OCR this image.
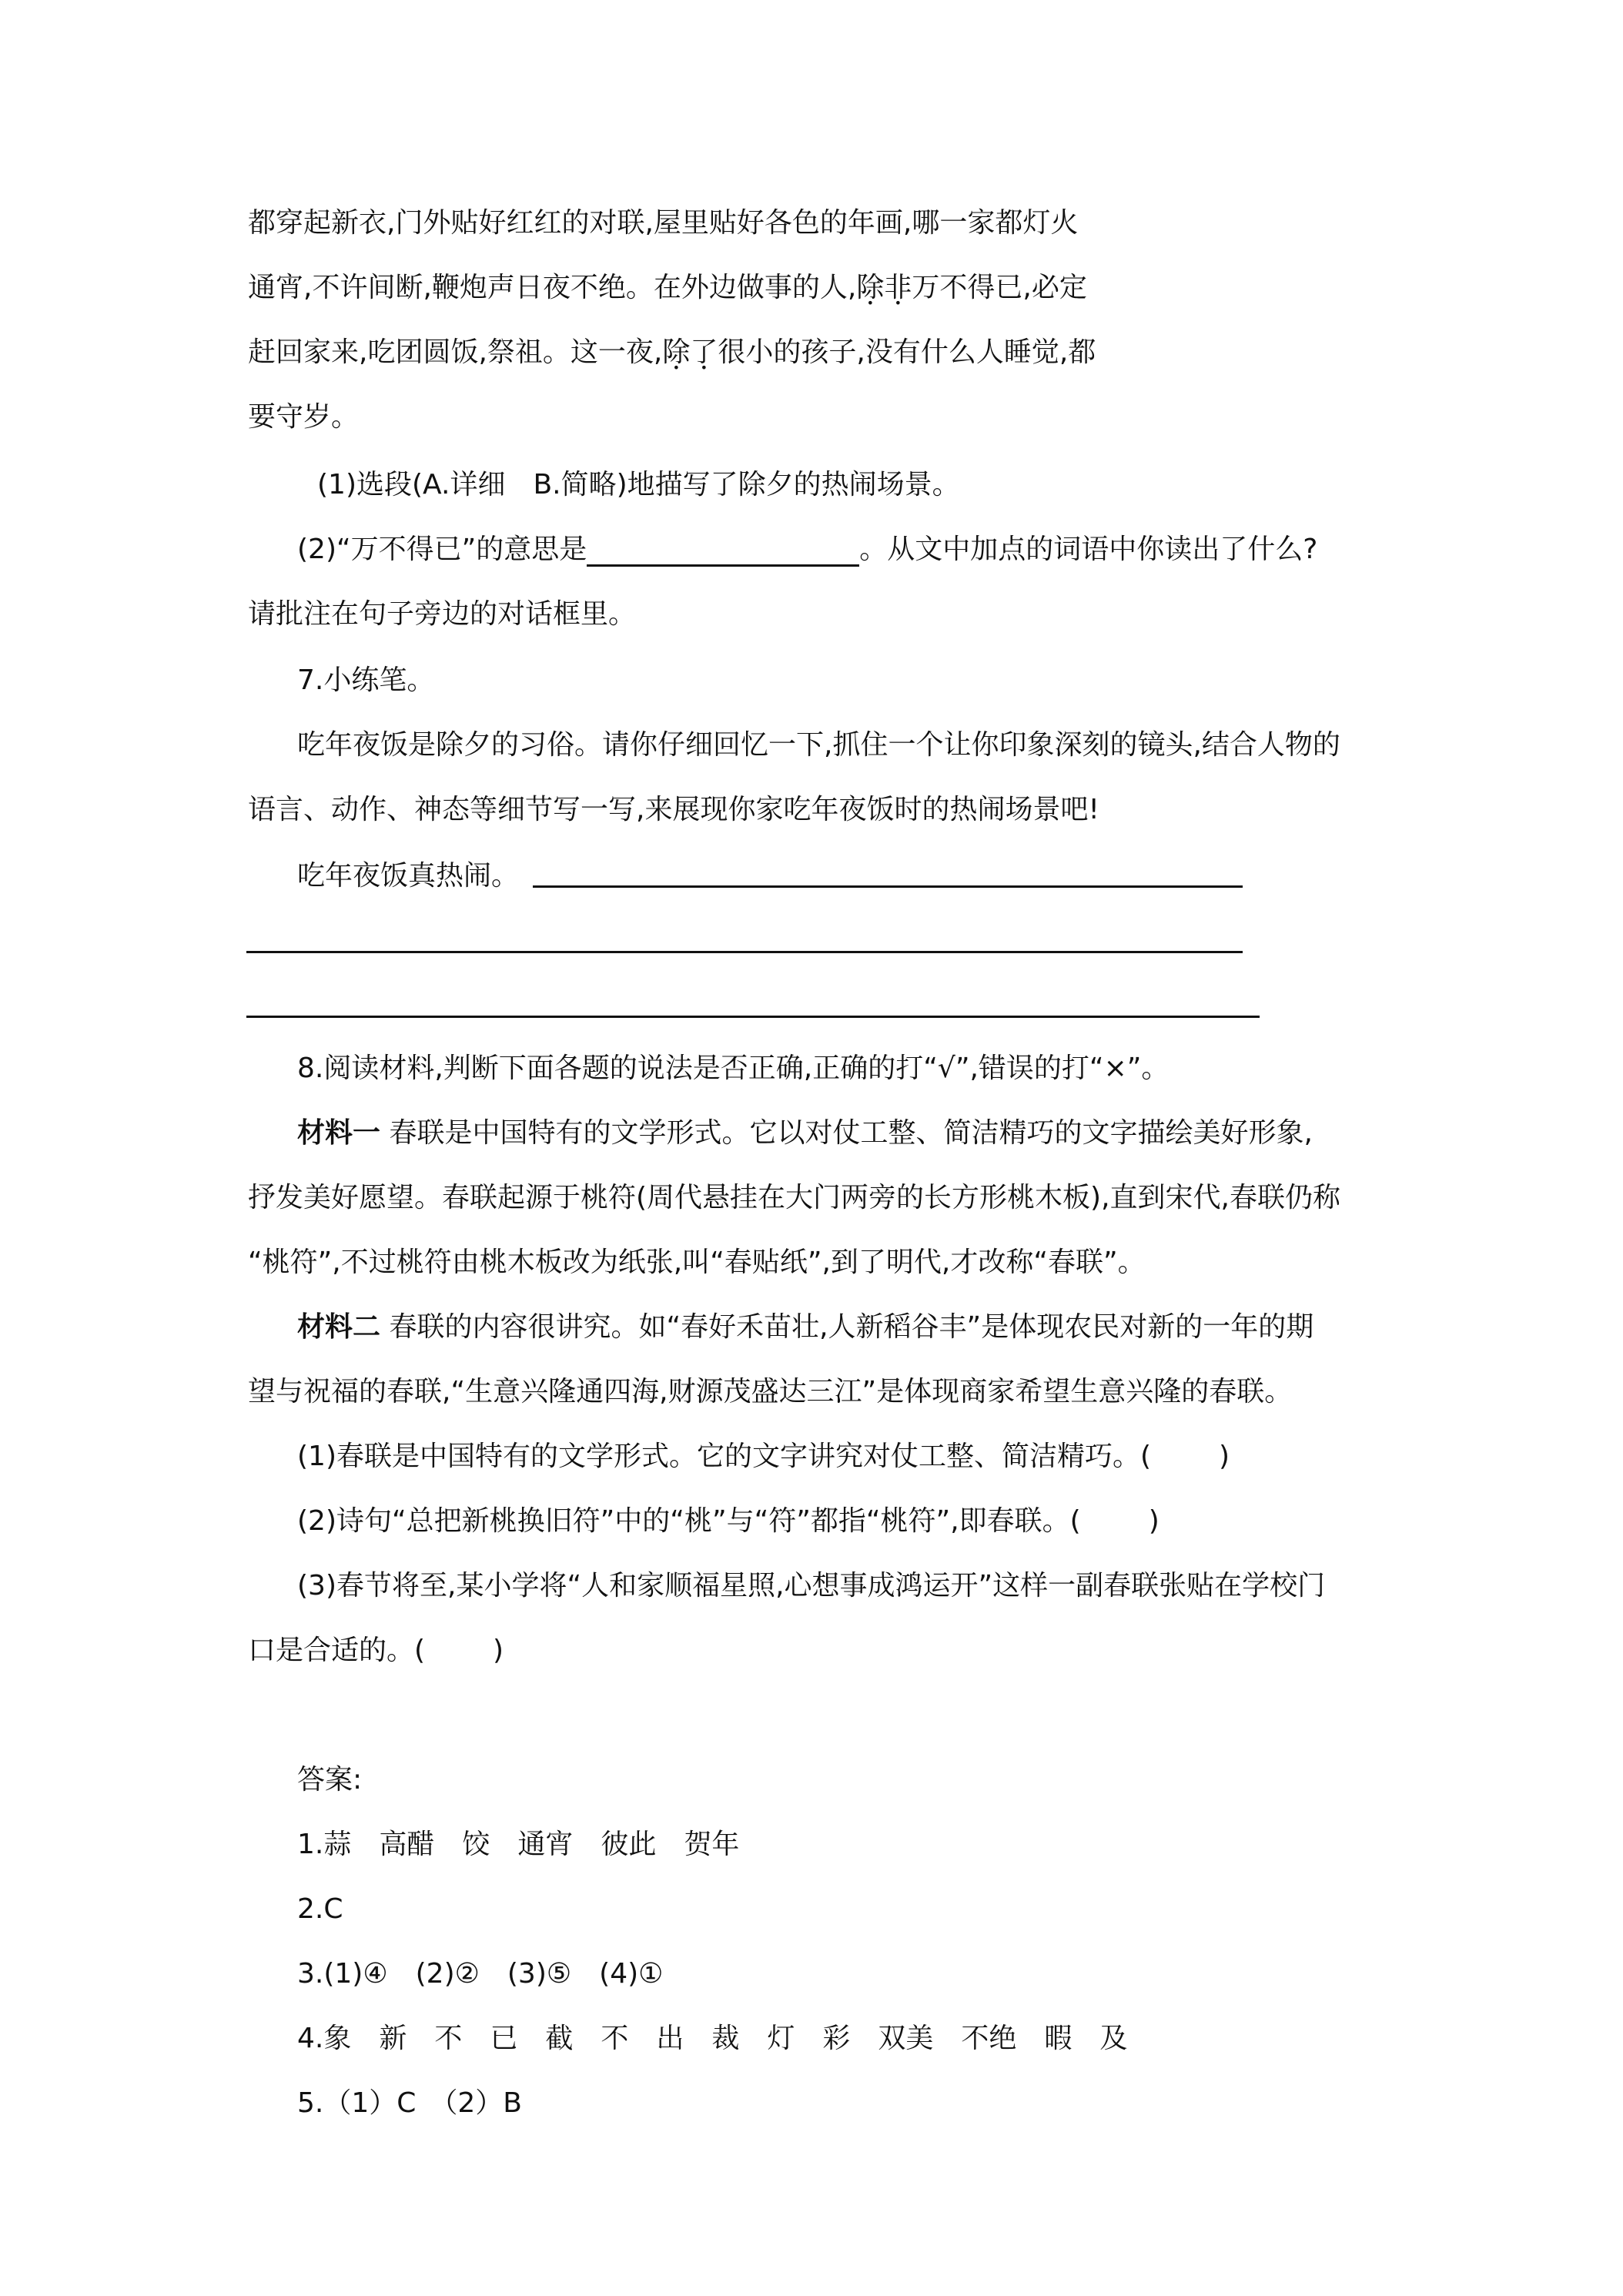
都穿起新衣,门外贴好红红的对联,屋里贴好各色的年画,哪一家都灯火
通宵,不许间断,鞭炮声日夜不绝。在外边做事的人,除非万不得已,必定
赶回家来,吃团圆饭,祭祖。这一夜,除了很小的孩子,没有什么人睡觉,都
要守岁。
(1)选段(A.详细　B.简略)地描写了除夕的热闹场景。
(2)“万不得已”的意思是	。从文中加点的词语中你读出了什么?
请批注在句子旁边的对话框里。
7.小练笔。
吃年夜饭是除夕的习俗。请你仔细回忆一下,抓住一个让你印象深刻的镜头,结合人物的
语言、动作、神态等细节写一写,来展现你家吃年夜饭时的热闹场景吧!
吃年夜饭真热闹。
8.阅读材料,判断下面各题的说法是否正确,正确的打“√”,错误的打“×”。
材料一 春联是中国特有的文学形式。它以对仗工整、简洁精巧的文字描绘美好形象,
抒发美好愿望。春联起源于桃符(周代悬挂在大门两旁的长方形桃木板),直到宋代,春联仍称
“桃符”,不过桃符由桃木板改为纸张,叫“春贴纸”,到了明代,才改称“春联”。
材料二 春联的内容很讲究。如“春好禾苗壮,人新稻谷丰”是体现农民对新的一年的期
望与祝福的春联,“生意兴隆通四海,财源茂盛达三江”是体现商家希望生意兴隆的春联。
(1)春联是中国特有的文学形式。它的文字讲究对仗工整、简洁精巧。( )
(2)诗句“总把新桃换旧符”中的“桃”与“符”都指“桃符”,即春联。( )
(3)春节将至,某小学将“人和家顺福星照,心想事成鸿运开”这样一副春联张贴在学校门
口是合适的。( )
答案:
1.蒜　高醋　饺　通宵　彼此　贺年
2.C
3.(1)④　(2)②　(3)⑤　(4)①
4.象　新　不　已　截　不　出　裁　灯　彩　双美　不绝　暇　及
5.（1）C　（2）B
